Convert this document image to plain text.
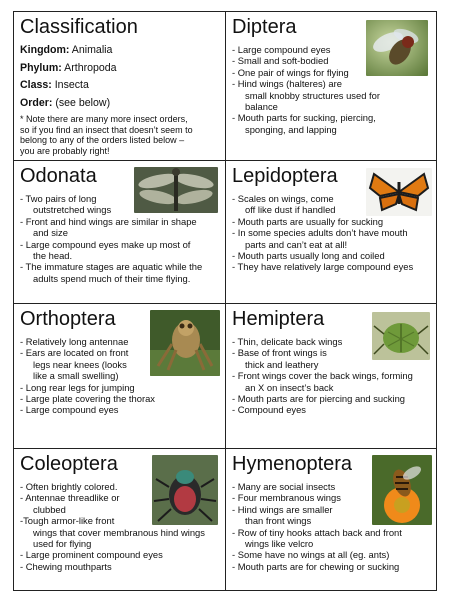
Classification
Kingdom: Animalia
Phylum: Arthropoda
Class: Insecta
Order: (see below)
* Note there are many more insect orders,
so if you find an insect that doesn’t seem to
belong to any of the orders listed below –
you are probably right!
Diptera
- Large compound eyes
- Small and soft-bodied
- One pair of wings for flying
- Hind wings (halteres) are
small knobby structures used for
balance
- Mouth parts for sucking, piercing,
sponging, and lapping
Odonata
- Two pairs of long
outstretched wings
- Front and hind wings are similar in shape
and size
- Large compound eyes make up most of
the head.
- The immature stages are aquatic while the
adults spend much of their time flying.
Lepidoptera
- Scales on wings, come
off like dust if handled
- Mouth parts are usually for sucking
- In some species adults don’t have mouth
parts and can’t eat at all!
- Mouth parts usually long and coiled
- They have relatively large compound eyes
Orthoptera
- Relatively long antennae
- Ears are located on front
legs near knees (looks
like a small swelling)
- Long rear legs for jumping
- Large plate covering the thorax
- Large compound eyes
Hemiptera
- Thin, delicate back wings
- Base of front wings is
thick and leathery
- Front wings cover the back wings, forming
an X on insect’s back
- Mouth parts are for piercing and sucking
- Compound eyes
Coleoptera
- Often brightly colored.
- Antennae threadlike or
clubbed
-Tough armor-like front
wings that cover membranous hind wings
used for flying
- Large prominent compound eyes
- Chewing mouthparts
Hymenoptera
- Many are social insects
- Four membranous wings
- Hind wings are smaller
than front wings
- Row of tiny hooks attach back and front
wings like velcro
- Some have no wings at all (eg. ants)
- Mouth parts are for chewing or sucking
